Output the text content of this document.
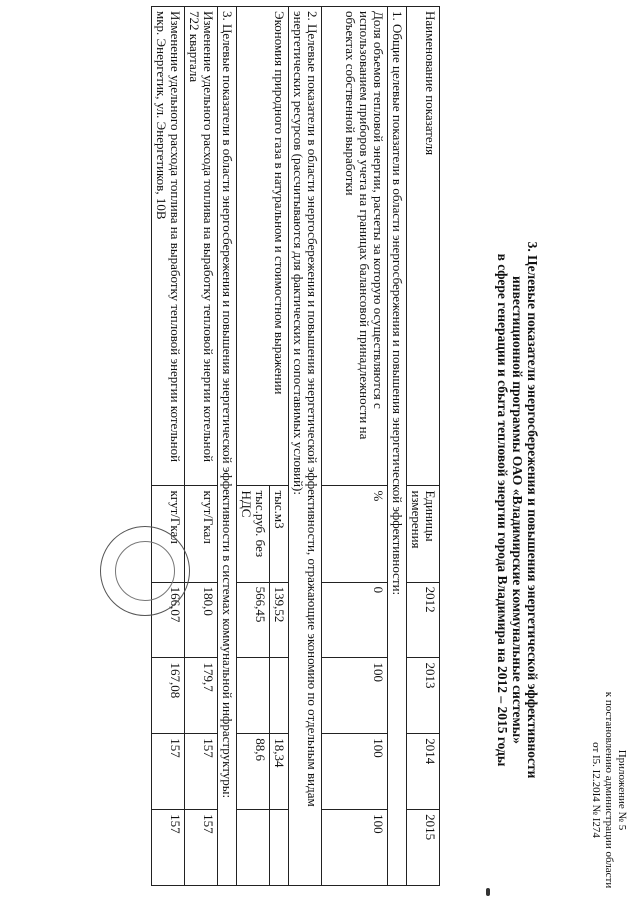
Приложение № 5
к постановлению администрации области
от I5. I2.20I4 № I274
3. Целевые показатели энергосбережения и повышения энергетической эффективности
инвестиционной программы ОАО «Владимирские коммунальные системы»
в сфере генерации и сбыта тепловой энергии города Владимира на 2012 – 2015 годы
Наименование показателя	Единицы измерения	2012	2013	2014	2015
1. Общие целевые показатели в области энергосбережения и повышения энергетической эффективности:					
Доля объемов тепловой энергии, расчеты за которую осуществляются с использованием приборов учета на границах балансовой принадлежности на объектах собственной выработки	%	0	100	100	100
2. Целевые показатели в области энергосбережения и повышения энергетической эффективности, отражающие экономию по отдельным видам энергетических ресурсов (рассчитываются для фактических и сопоставимых условий):					
Экономия природного газа в натуральном и стоимостном выражении	тыс.м3	139,52		18,34	
	тыс.руб. без НДС	566,45		88,6	
3. Целевые показатели в области энергосбережения и повышения энергетической эффективности в системах коммунальной инфраструктуры:					
Изменение удельного расхода топлива на выработку тепловой энергии котельной 722 квартала	кгут/Гкал	180,0	179,7	157	157
Изменение удельного расхода топлива на выработку тепловой энергии котельной мкр. Энергетик, ул. Энергетиков, 10В	кгут/Гкал	166,07	167,08	157	157
